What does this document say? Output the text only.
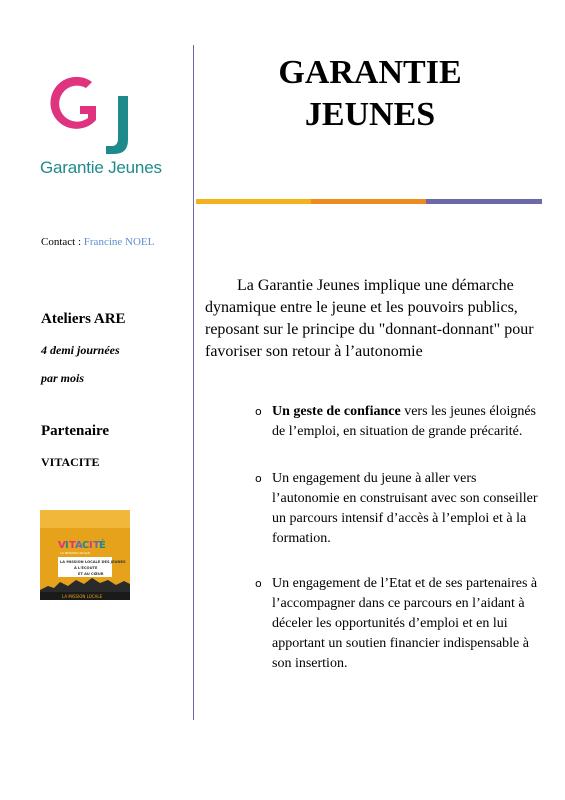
Garantie Jeunes
GARANTIE
JEUNES
Contact : Francine NOEL
Ateliers ARE
4 demi journées
par mois
Partenaire
VITACITE
V I T A C I T É
LA MISSION LOCALE
LA MISSION LOCALE DES JEUNES
À L'ÉCOUTE
ET AU CŒUR
LA MISSION LOCALE

La Garantie Jeunes implique une démarche dynamique entre le jeune et les pouvoirs publics, reposant sur le principe du "donnant-donnant" pour favoriser son retour à l’autonomie

o Un geste de confiance vers les jeunes éloignés de l’emploi, en situation de grande précarité.
o Un engagement du jeune à aller vers l’autonomie en construisant avec son conseiller un parcours intensif d’accès à l’emploi et à la formation.
o Un engagement de l’Etat et de ses partenaires à l’accompagner dans ce parcours en l’aidant à déceler les opportunités d’emploi et en lui apportant un soutien financier indispensable à son insertion.
